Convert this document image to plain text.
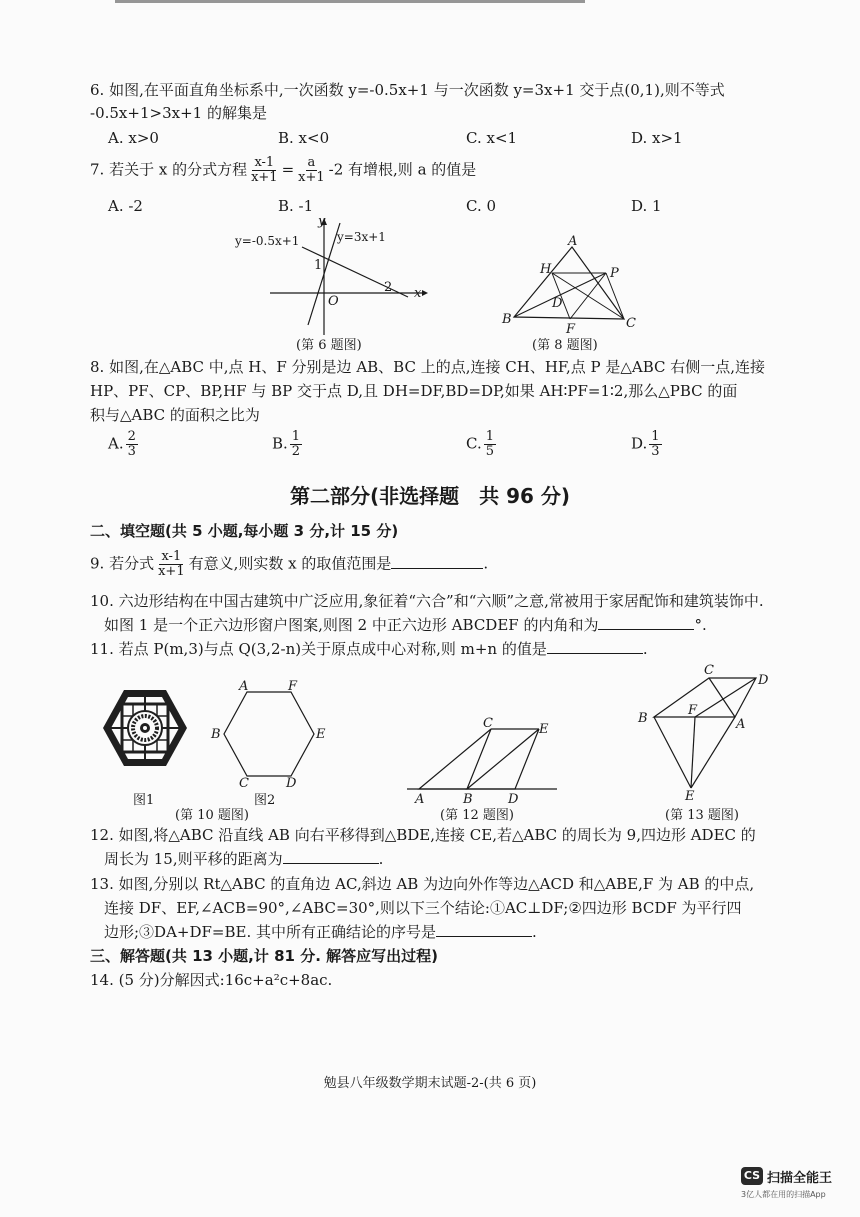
6. 如图,在平面直角坐标系中,一次函数 y=-0.5x+1 与一次函数 y=3x+1 交于点(0,1),则不等式
-0.5x+1>3x+1 的解集是
A. x>0	B. x<0	C. x<1	D. x>1
7. 若关于 x 的分式方程 $\frac{x-1}{x+1} = \frac{a}{x+1} -2$ 有增根,则 a 的值是
A. -2	B. -1	C. 0	D. 1
y=-0.5x+1	y=3x+1
y
x
O
1
2
(第 6 题图)
A
H	P
D
B
F	C
(第 8 题图)
8. 如图,在△ABC 中,点 H、F 分别是边 AB、BC 上的点,连接 CH、HF,点 P 是△ABC 右侧一点,连接
HP、PF、CP、BP,HF 与 BP 交于点 D,且 DH=DF,BD=DP,如果 AH∶PF=1∶2,那么△PBC 的面
积与△ABC 的面积之比为
A. $\frac{2}{3}$	B. $\frac{1}{2}$	C. $\frac{1}{5}$	D. $\frac{1}{3}$
第二部分(非选择题　共 96 分)
二、填空题(共 5 小题,每小题 3 分,计 15 分)
9. 若分式 $\frac{x-1}{x+1}$ 有意义,则实数 x 的取值范围是	.
10. 六边形结构在中国古建筑中广泛应用,象征着“六合”和“六顺”之意,常被用于家居配饰和建筑装饰中.
如图 1 是一个正六边形窗户图案,则图 2 中正六边形 ABCDEF 的内角和为	°.
11. 若点 P(m,3)与点 Q(3,2-n)关于原点成中心对称,则 m+n 的值是	.
A	F
B	E
C	D
图1	图2
(第 10 题图)
C	E
A	B	D
(第 12 题图)
C
D
B
F
A
E
(第 13 题图)
12. 如图,将△ABC 沿直线 AB 向右平移得到△BDE,连接 CE,若△ABC 的周长为 9,四边形 ADEC 的
周长为 15,则平移的距离为	.
13. 如图,分别以 Rt△ABC 的直角边 AC,斜边 AB 为边向外作等边△ACD 和△ABE,F 为 AB 的中点,
连接 DF、EF,∠ACB=90°,∠ABC=30°,则以下三个结论:①AC⊥DF;②四边形 BCDF 为平行四
边形;③DA+DF=BE. 其中所有正确结论的序号是	.
三、解答题(共 13 小题,计 81 分. 解答应写出过程)
14. (5 分)分解因式:16c+a²c+8ac.
勉县八年级数学期末试题-2-(共 6 页)
CS 扫描全能王
3亿人都在用的扫描App
